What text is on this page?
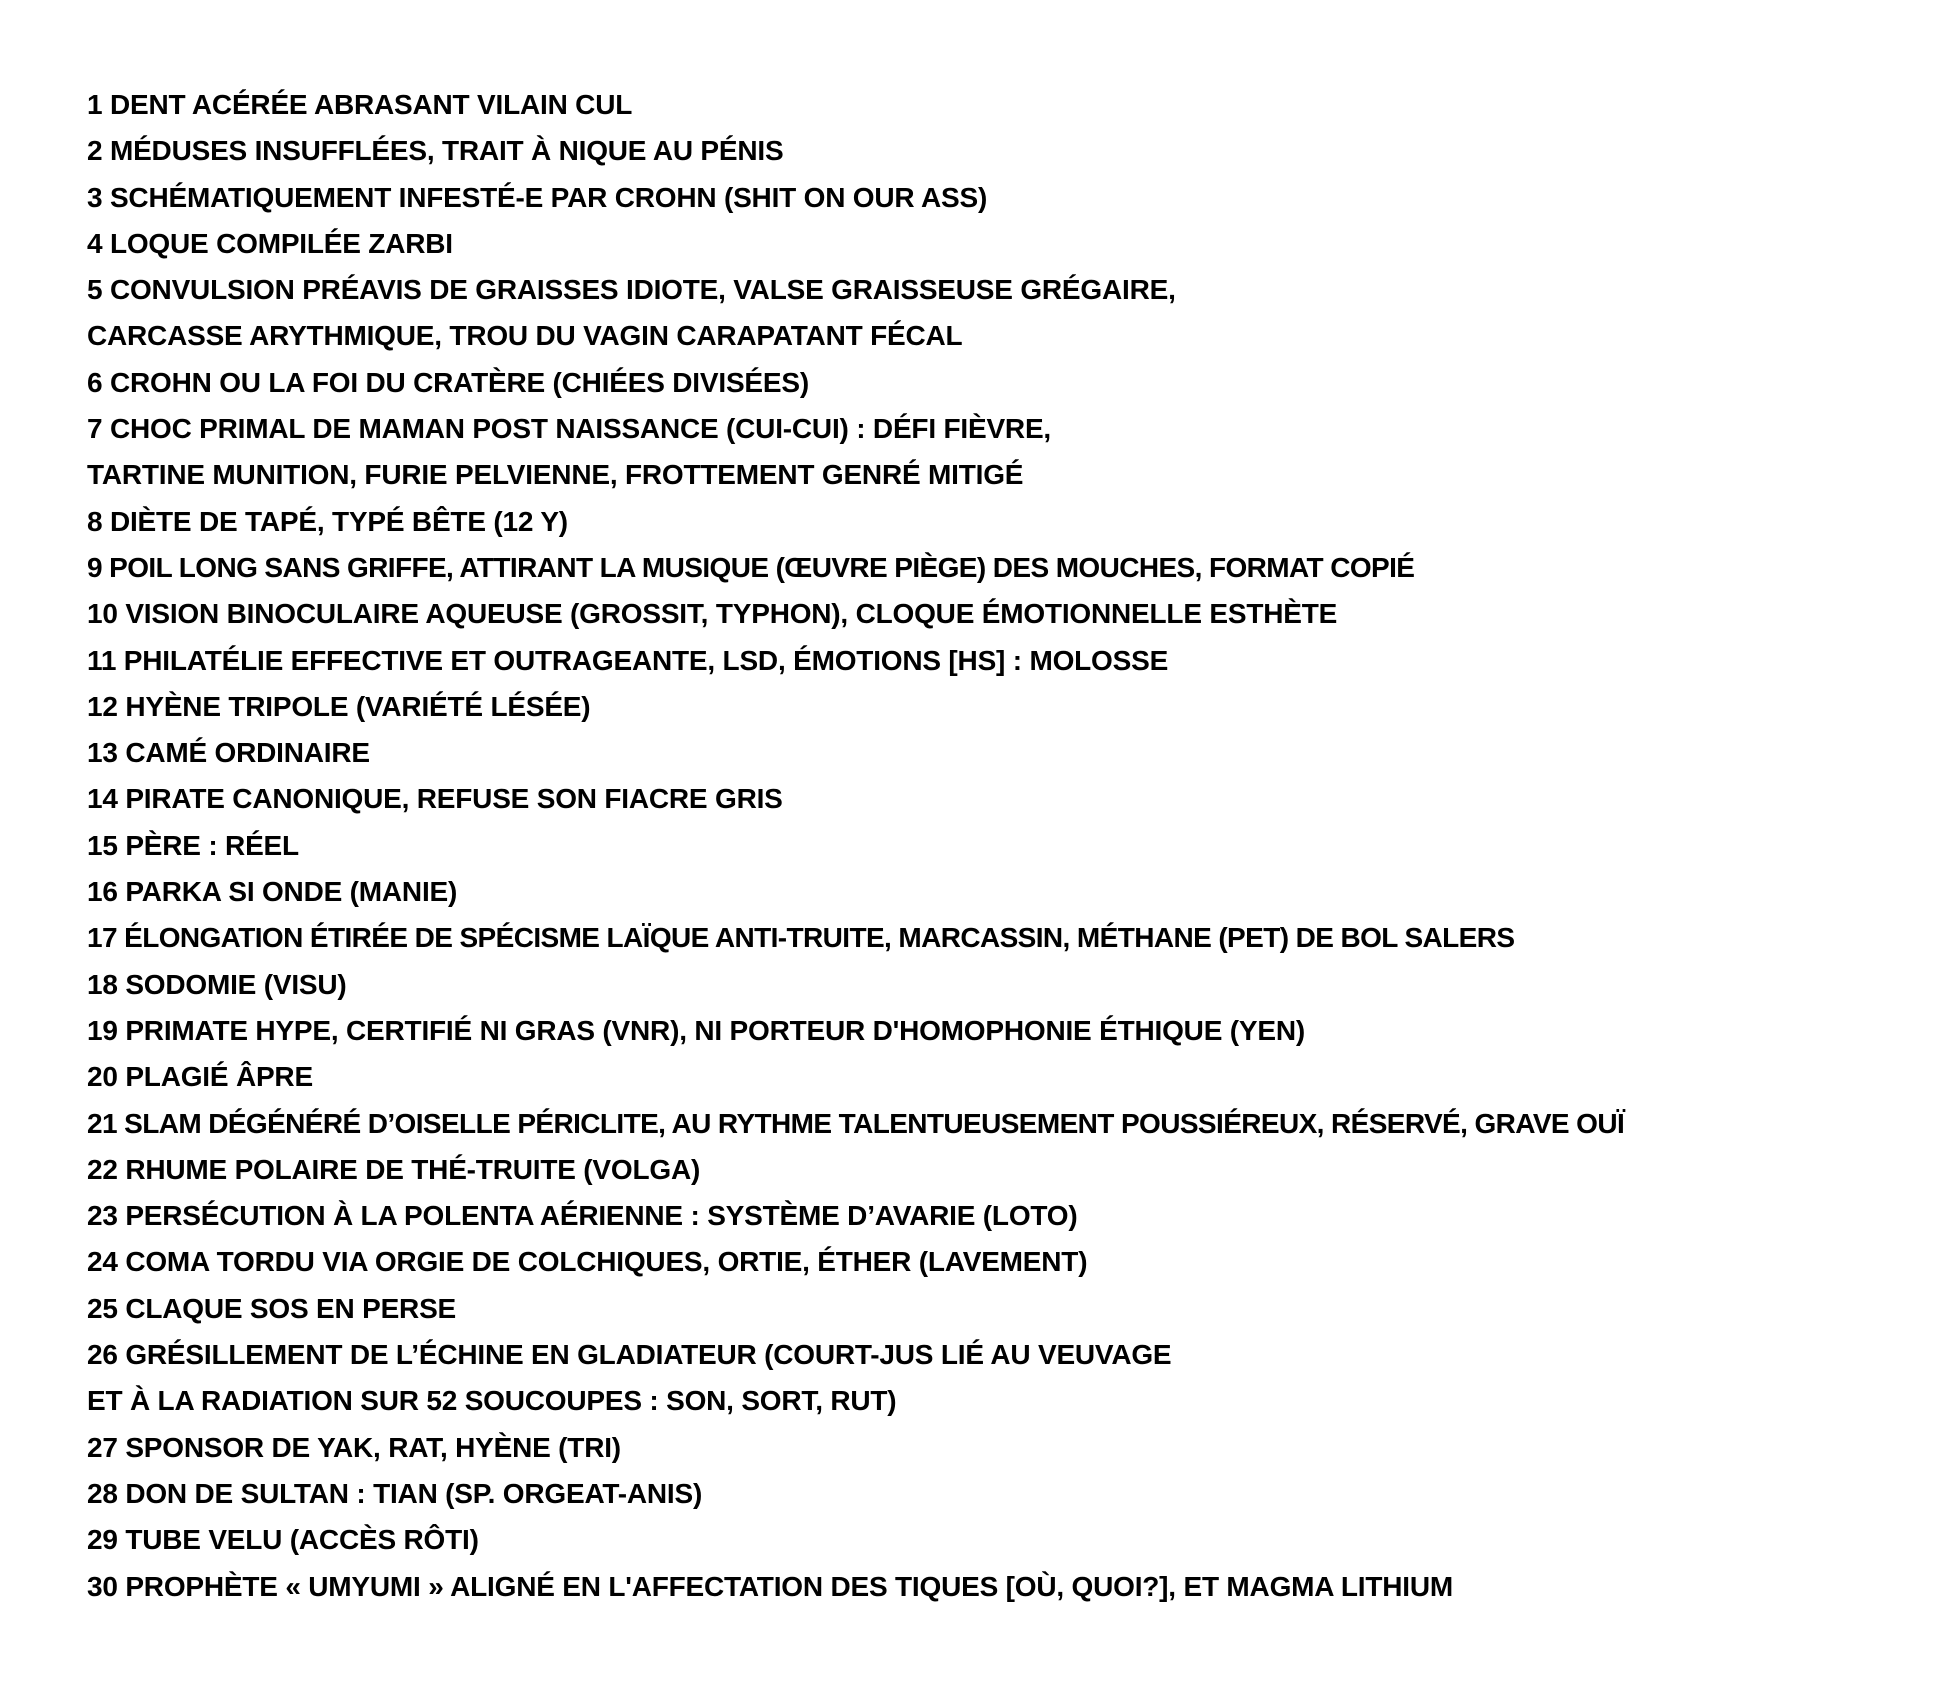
1 DENT ACÉRÉE ABRASANT VILAIN CUL
2 MÉDUSES INSUFFLÉES, TRAIT À NIQUE AU PÉNIS
3 SCHÉMATIQUEMENT INFESTÉ-E PAR CROHN (SHIT ON OUR ASS)
4 LOQUE COMPILÉE ZARBI
5 CONVULSION PRÉAVIS DE GRAISSES IDIOTE, VALSE GRAISSEUSE GRÉGAIRE,
CARCASSE ARYTHMIQUE, TROU DU VAGIN CARAPATANT FÉCAL
6 CROHN OU LA FOI DU CRATÈRE (CHIÉES DIVISÉES)
7 CHOC PRIMAL DE MAMAN POST NAISSANCE (CUI-CUI) : DÉFI FIÈVRE,
TARTINE MUNITION, FURIE PELVIENNE, FROTTEMENT GENRÉ MITIGÉ
8 DIÈTE DE TAPÉ, TYPÉ BÊTE (12 Y)
9 POIL LONG SANS GRIFFE, ATTIRANT LA MUSIQUE (ŒUVRE PIÈGE) DES MOUCHES, FORMAT COPIÉ
10 VISION BINOCULAIRE AQUEUSE (GROSSIT, TYPHON), CLOQUE ÉMOTIONNELLE ESTHÈTE
11 PHILATÉLIE EFFECTIVE ET OUTRAGEANTE, LSD, ÉMOTIONS [HS] : MOLOSSE
12 HYÈNE TRIPOLE (VARIÉTÉ LÉSÉE)
13 CAMÉ ORDINAIRE
14 PIRATE CANONIQUE, REFUSE SON FIACRE GRIS
15 PÈRE : RÉEL
16 PARKA SI ONDE (MANIE)
17 ÉLONGATION ÉTIRÉE DE SPÉCISME LAÏQUE ANTI-TRUITE, MARCASSIN, MÉTHANE (PET) DE BOL SALERS
18 SODOMIE (VISU)
19 PRIMATE HYPE, CERTIFIÉ NI GRAS (VNR), NI PORTEUR D'HOMOPHONIE ÉTHIQUE (YEN)
20 PLAGIÉ ÂPRE
21 SLAM DÉGÉNÉRÉ D’OISELLE PÉRICLITE, AU RYTHME TALENTUEUSEMENT POUSSIÉREUX, RÉSERVÉ, GRAVE OUÏ
22 RHUME POLAIRE DE THÉ-TRUITE (VOLGA)
23 PERSÉCUTION À LA POLENTA AÉRIENNE : SYSTÈME D’AVARIE (LOTO)
24 COMA TORDU VIA ORGIE DE COLCHIQUES, ORTIE, ÉTHER (LAVEMENT)
25 CLAQUE SOS EN PERSE
26 GRÉSILLEMENT DE L’ÉCHINE EN GLADIATEUR (COURT-JUS LIÉ AU VEUVAGE
ET À LA RADIATION SUR 52 SOUCOUPES : SON, SORT, RUT)
27 SPONSOR DE YAK, RAT, HYÈNE (TRI)
28 DON DE SULTAN : TIAN (SP. ORGEAT-ANIS)
29 TUBE VELU (ACCÈS RÔTI)
30 PROPHÈTE « UMYUMI » ALIGNÉ EN L'AFFECTATION DES TIQUES [OÙ, QUOI?], ET MAGMA LITHIUM
